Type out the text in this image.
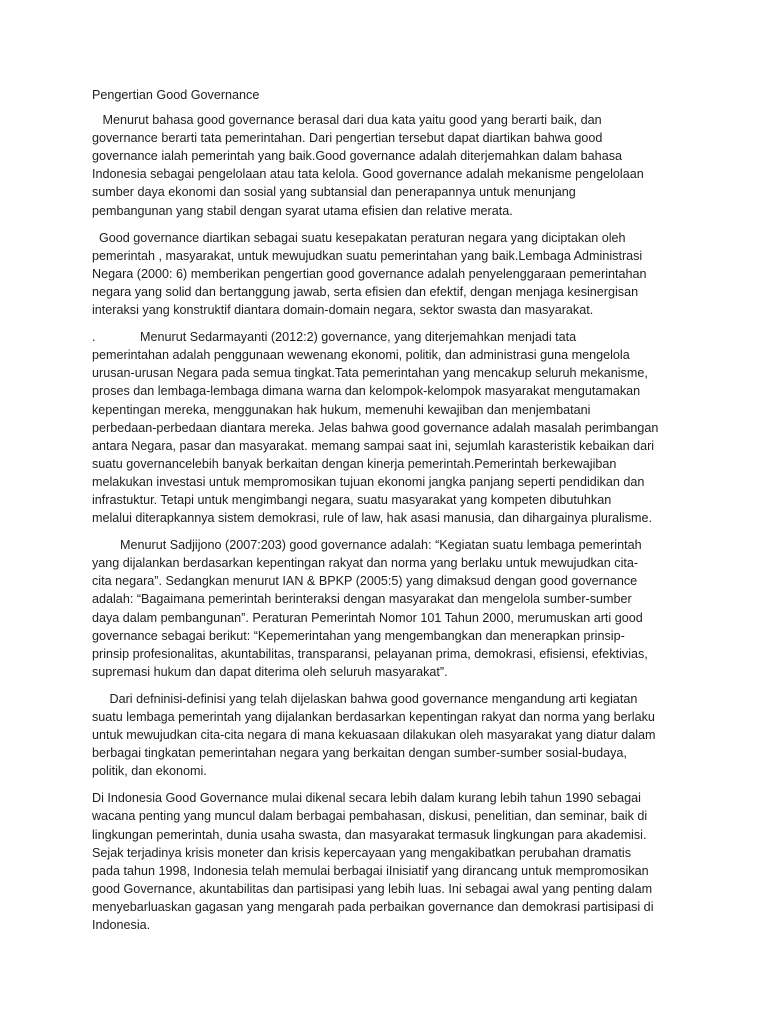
Pengertian Good Governance
Menurut bahasa good governance berasal dari dua kata yaitu good yang berarti baik, dan
governance berarti tata pemerintahan. Dari pengertian tersebut dapat diartikan bahwa good
governance ialah pemerintah yang baik.Good governance adalah diterjemahkan dalam bahasa
Indonesia sebagai pengelolaan atau tata kelola. Good governance adalah mekanisme pengelolaan
sumber daya ekonomi dan sosial yang subtansial dan penerapannya untuk menunjang
pembangunan yang stabil dengan syarat utama efisien dan relative merata.
Good governance diartikan sebagai suatu kesepakatan peraturan negara yang diciptakan oleh
pemerintah , masyarakat, untuk mewujudkan suatu pemerintahan yang baik.Lembaga Administrasi
Negara (2000: 6) memberikan pengertian good governance adalah penyelenggaraan pemerintahan
negara yang solid dan bertanggung jawab, serta efisien dan efektif, dengan menjaga kesinergisan
interaksi yang konstruktif diantara domain-domain negara, sektor swasta dan masyarakat.
.	Menurut Sedarmayanti (2012:2) governance, yang diterjemahkan menjadi tata
pemerintahan adalah penggunaan wewenang ekonomi, politik, dan administrasi guna mengelola
urusan-urusan Negara pada semua tingkat.Tata pemerintahan yang mencakup seluruh mekanisme,
proses dan lembaga-lembaga dimana warna dan kelompok-kelompok masyarakat mengutamakan
kepentingan mereka, menggunakan hak hukum, memenuhi kewajiban dan menjembatani
perbedaan-perbedaan diantara mereka. Jelas bahwa good governance adalah masalah perimbangan
antara Negara, pasar dan masyarakat. memang sampai saat ini, sejumlah karasteristik kebaikan dari
suatu governancelebih banyak berkaitan dengan kinerja pemerintah.Pemerintah berkewajiban
melakukan investasi untuk mempromosikan tujuan ekonomi jangka panjang seperti pendidikan dan
infrastuktur. Tetapi untuk mengimbangi negara, suatu masyarakat yang kompeten dibutuhkan
melalui diterapkannya sistem demokrasi, rule of law, hak asasi manusia, dan dihargainya pluralisme.
Menurut Sadjijono (2007:203) good governance adalah: “Kegiatan suatu lembaga pemerintah
yang dijalankan berdasarkan kepentingan rakyat dan norma yang berlaku untuk mewujudkan cita-
cita negara”. Sedangkan menurut IAN & BPKP (2005:5) yang dimaksud dengan good governance
adalah: “Bagaimana pemerintah berinteraksi dengan masyarakat dan mengelola sumber-sumber
daya dalam pembangunan”. Peraturan Pemerintah Nomor 101 Tahun 2000, merumuskan arti good
governance sebagai berikut: “Kepemerintahan yang mengembangkan dan menerapkan prinsip-
prinsip profesionalitas, akuntabilitas, transparansi, pelayanan prima, demokrasi, efisiensi, efektivias,
supremasi hukum dan dapat diterima oleh seluruh masyarakat”.
Dari defninisi-definisi yang telah dijelaskan bahwa good governance mengandung arti kegiatan
suatu lembaga pemerintah yang dijalankan berdasarkan kepentingan rakyat dan norma yang berlaku
untuk mewujudkan cita-cita negara di mana kekuasaan dilakukan oleh masyarakat yang diatur dalam
berbagai tingkatan pemerintahan negara yang berkaitan dengan sumber-sumber sosial-budaya,
politik, dan ekonomi.
Di Indonesia Good Governance mulai dikenal secara lebih dalam kurang lebih tahun 1990 sebagai
wacana penting yang muncul dalam berbagai pembahasan, diskusi, penelitian, dan seminar, baik di
lingkungan pemerintah, dunia usaha swasta, dan masyarakat termasuk lingkungan para akademisi.
Sejak terjadinya krisis moneter dan krisis kepercayaan yang mengakibatkan perubahan dramatis
pada tahun 1998, Indonesia telah memulai berbagai iInisiatif yang dirancang untuk mempromosikan
good Governance, akuntabilitas dan partisipasi yang lebih luas. Ini sebagai awal yang penting dalam
menyebarluaskan gagasan yang mengarah pada perbaikan governance dan demokrasi partisipasi di
Indonesia.
